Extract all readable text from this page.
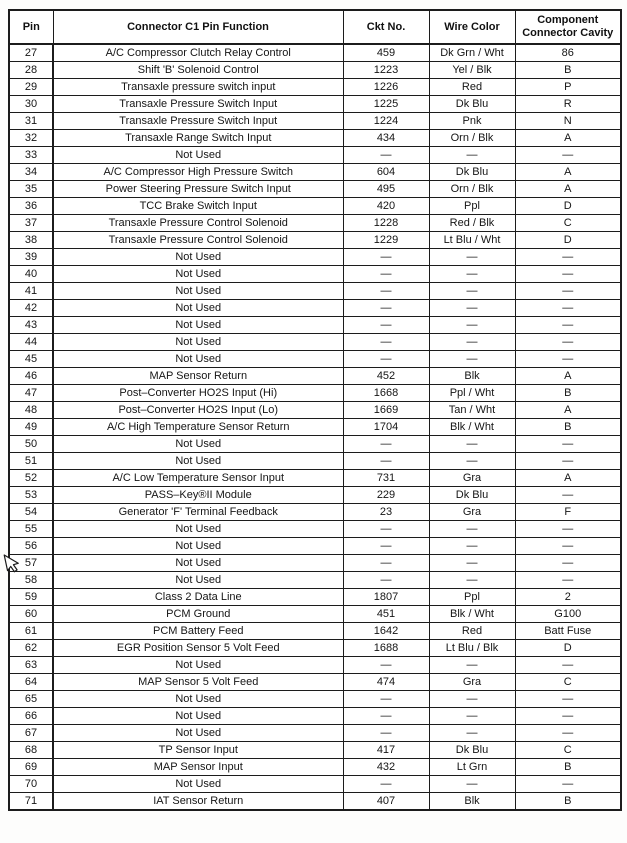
Pin	Connector C1 Pin Function	Ckt No.	Wire Color	Component Connector Cavity
27	A/C Compressor Clutch Relay Control	459	Dk Grn / Wht	86
28	Shift 'B' Solenoid Control	1223	Yel / Blk	B
29	Transaxle pressure switch input	1226	Red	P
30	Transaxle Pressure Switch Input	1225	Dk Blu	R
31	Transaxle Pressure Switch Input	1224	Pnk	N
32	Transaxle Range Switch Input	434	Orn / Blk	A
33	Not Used	—	—	—
34	A/C Compressor High Pressure Switch	604	Dk Blu	A
35	Power Steering Pressure Switch Input	495	Orn / Blk	A
36	TCC Brake Switch Input	420	Ppl	D
37	Transaxle Pressure Control Solenoid	1228	Red / Blk	C
38	Transaxle Pressure Control Solenoid	1229	Lt Blu / Wht	D
39	Not Used	—	—	—
40	Not Used	—	—	—
41	Not Used	—	—	—
42	Not Used	—	—	—
43	Not Used	—	—	—
44	Not Used	—	—	—
45	Not Used	—	—	—
46	MAP Sensor Return	452	Blk	A
47	Post–Converter HO2S Input (Hi)	1668	Ppl / Wht	B
48	Post–Converter HO2S Input (Lo)	1669	Tan / Wht	A
49	A/C High Temperature Sensor Return	1704	Blk / Wht	B
50	Not Used	—	—	—
51	Not Used	—	—	—
52	A/C Low Temperature Sensor Input	731	Gra	A
53	PASS–Key®II Module	229	Dk Blu	—
54	Generator 'F' Terminal Feedback	23	Gra	F
55	Not Used	—	—	—
56	Not Used	—	—	—
57	Not Used	—	—	—
58	Not Used	—	—	—
59	Class 2 Data Line	1807	Ppl	2
60	PCM Ground	451	Blk / Wht	G100
61	PCM Battery Feed	1642	Red	Batt Fuse
62	EGR Position Sensor 5 Volt Feed	1688	Lt Blu / Blk	D
63	Not Used	—	—	—
64	MAP Sensor 5 Volt Feed	474	Gra	C
65	Not Used	—	—	—
66	Not Used	—	—	—
67	Not Used	—	—	—
68	TP Sensor Input	417	Dk Blu	C
69	MAP Sensor Input	432	Lt Grn	B
70	Not Used	—	—	—
71	IAT Sensor Return	407	Blk	B
